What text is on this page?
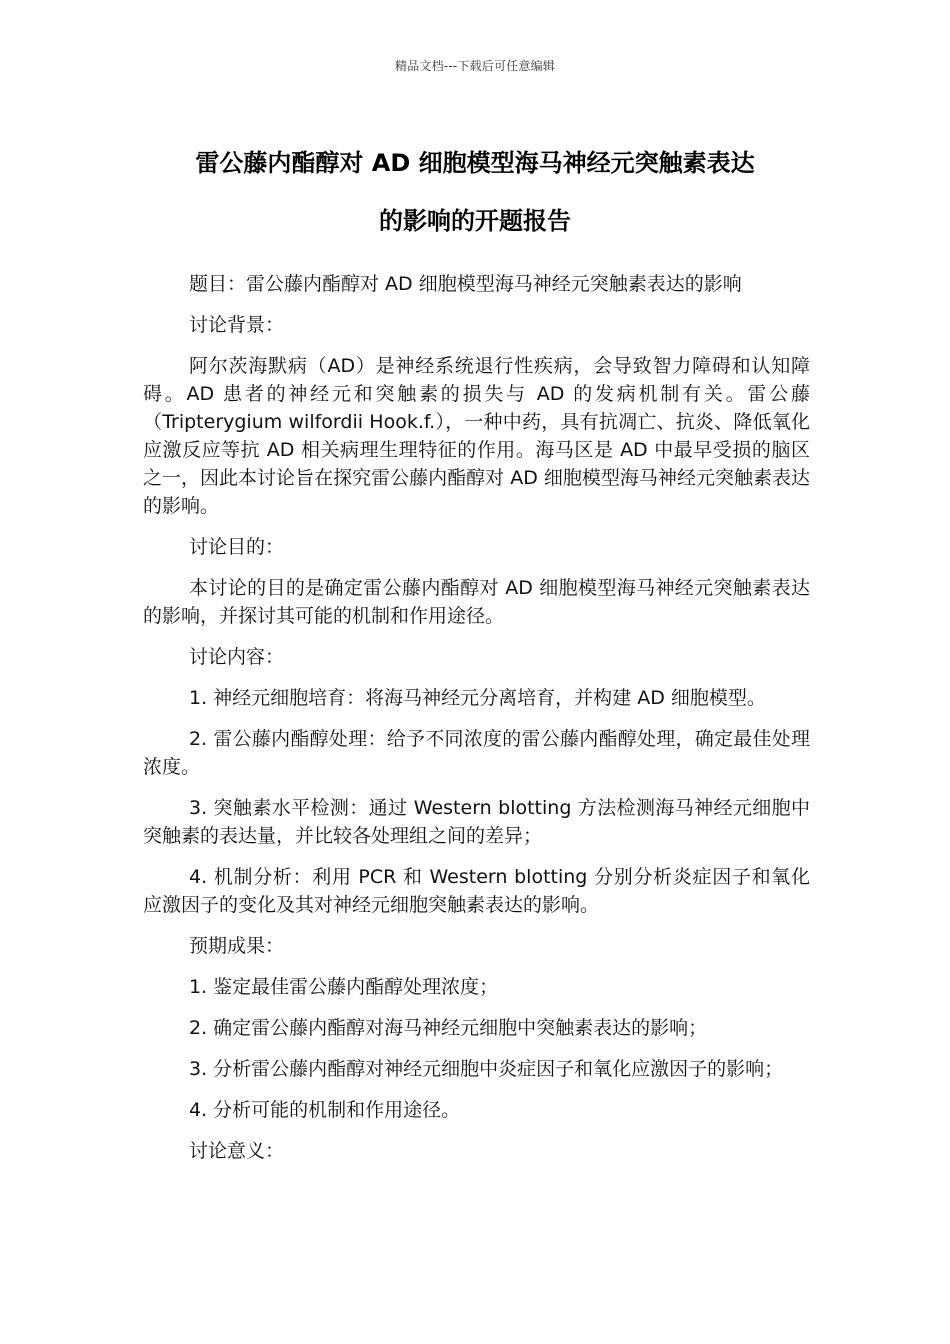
精品文档---下载后可任意编辑
雷公藤内酯醇对 AD 细胞模型海马神经元突触素表达
的影响的开题报告

题目：雷公藤内酯醇对 AD 细胞模型海马神经元突触素表达的影响

讨论背景：

阿尔茨海默病（AD）是神经系统退行性疾病，会导致智力障碍和认知障碍。AD 患者的神经元和突触素的损失与 AD 的发病机制有关。雷公藤（Tripterygium wilfordii Hook.f.），一种中药，具有抗凋亡、抗炎、降低氧化应激反应等抗 AD 相关病理生理特征的作用。海马区是 AD 中最早受损的脑区之一，因此本讨论旨在探究雷公藤内酯醇对 AD 细胞模型海马神经元突触素表达的影响。

讨论目的：

本讨论的目的是确定雷公藤内酯醇对 AD 细胞模型海马神经元突触素表达的影响，并探讨其可能的机制和作用途径。

讨论内容：

1. 神经元细胞培育：将海马神经元分离培育，并构建 AD 细胞模型。

2. 雷公藤内酯醇处理：给予不同浓度的雷公藤内酯醇处理，确定最佳处理浓度。

3. 突触素水平检测：通过 Western blotting 方法检测海马神经元细胞中突触素的表达量，并比较各处理组之间的差异；

4. 机制分析：利用 PCR 和 Western blotting 分别分析炎症因子和氧化应激因子的变化及其对神经元细胞突触素表达的影响。

预期成果：

1. 鉴定最佳雷公藤内酯醇处理浓度；

2. 确定雷公藤内酯醇对海马神经元细胞中突触素表达的影响；

3. 分析雷公藤内酯醇对神经元细胞中炎症因子和氧化应激因子的影响；

4. 分析可能的机制和作用途径。

讨论意义：
